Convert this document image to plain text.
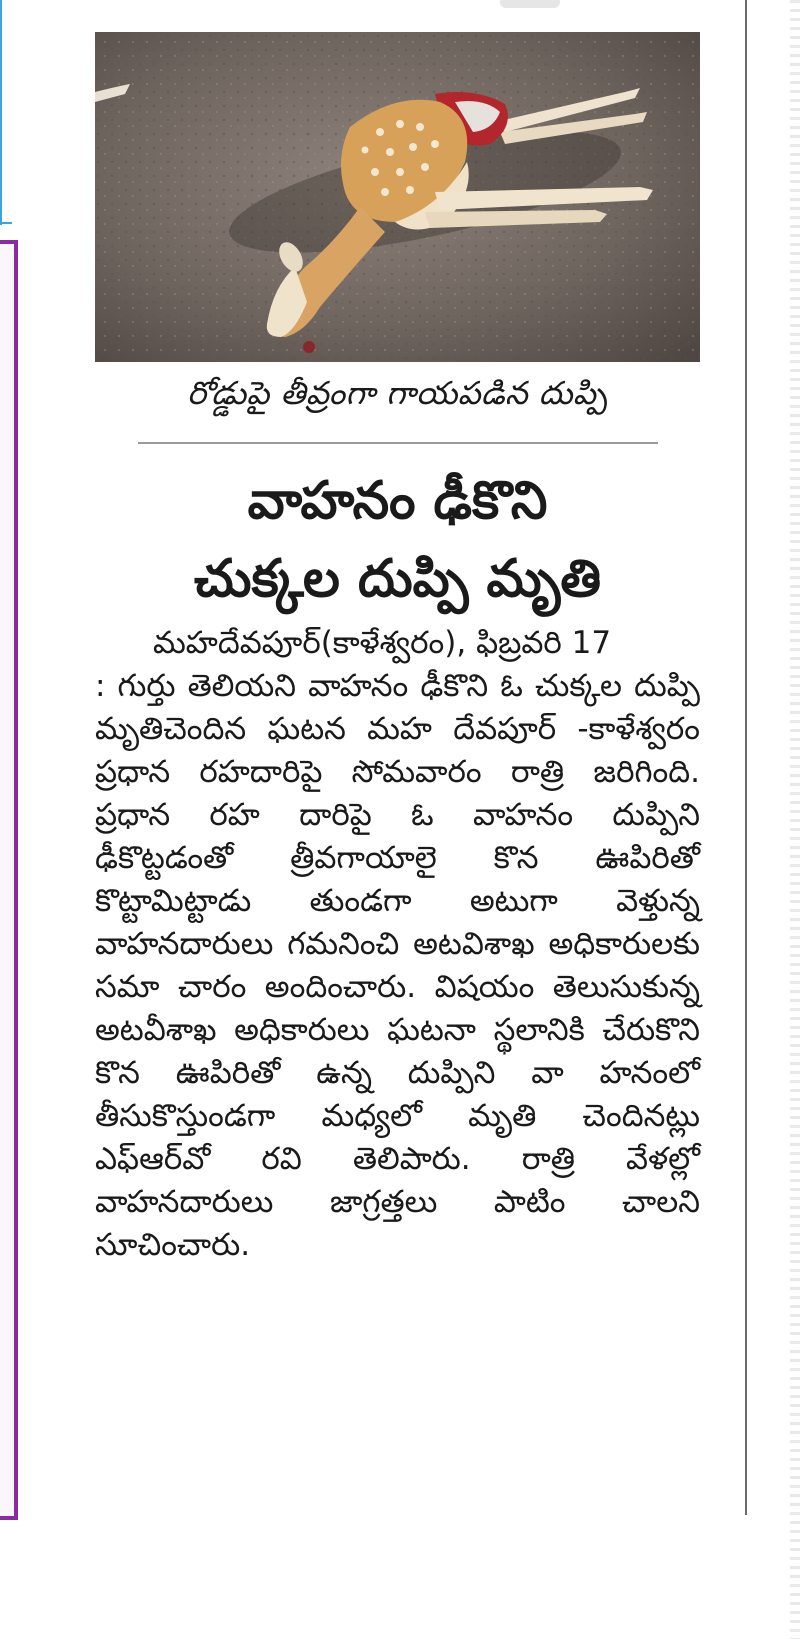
రోడ్డుపై తీవ్రంగా గాయపడిన దుప్పి
వాహనం ఢీకొని
చుక్కల దుప్పి మృతి
మహదేవపూర్(కాళేశ్వరం), ఫిబ్రవరి 17

: గుర్తు తెలియని వాహనం ఢీకొని ఓ చుక్కల దుప్పి మృతిచెందిన ఘటన మహ దేవపూర్ -కాళేశ్వరం ప్రధాన రహదారిపై సోమవారం రాత్రి జరిగింది. ప్రధాన రహ దారిపై ఓ వాహనం దుప్పిని ఢీకొట్టడంతో త్రీవగాయాలై కొన ఊపిరితో కొట్టామిట్టాడు తుండగా అటుగా వెళ్తున్న వాహనదారులు గమనించి అటవిశాఖ అధికారులకు సమా చారం అందించారు. విషయం తెలుసుకున్న అటవీశాఖ అధికారులు ఘటనా స్థలానికి చేరుకొని కొన ఊపిరితో ఉన్న దుప్పిని వా హనంలో తీసుకొస్తుండగా మధ్యలో మృతి చెందినట్లు ఎఫ్‌ఆర్‌వో రవి తెలిపారు. రాత్రి వేళల్లో వాహనదారులు జాగ్రత్తలు పాటిం చాలని సూచించారు.
